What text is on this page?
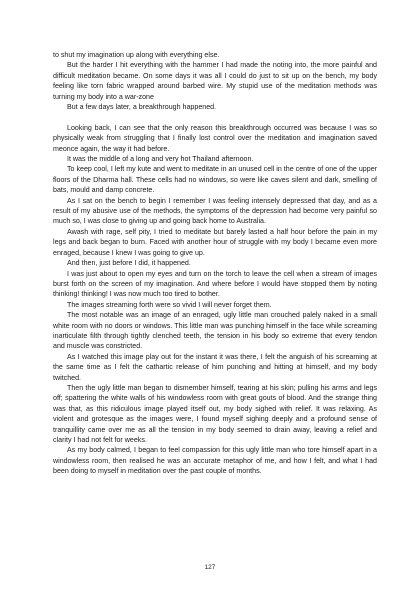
to shut my imagination up along with everything else.

But the harder I hit everything with the hammer I had made the noting into, the more painful and difficult meditation became. On some days it was all I could do just to sit up on the bench, my body feeling like torn fabric wrapped around barbed wire. My stupid use of the meditation methods was turning my body into a war-zone

But a few days later, a breakthrough happened.

Looking back, I can see that the only reason this breakthrough occurred was because I was so physically weak from struggling that I finally lost control over the meditation and imagination saved meonce again, the way it had before.

It was the middle of a long and very hot Thailand afternoon.

To keep cool, I left my kute and went to meditate in an unused cell in the centre of one of the upper floors of the Dharma hall. These cells had no windows, so were like caves silent and dark, smelling of bats, mould and damp concrete.

As I sat on the bench to begin I remember I was feeling intensely depressed that day, and as a result of my abusive use of the methods, the symptoms of the depression had become very painful so much so, I was close to giving up and going back home to Australia.

Awash with rage, self pity, I tried to meditate but barely lasted a half hour before the pain in my legs and back began to burn. Faced with another hour of struggle with my body I became even more enraged, because I knew I was going to give up.

And then, just before I did, it happened.

I was just about to open my eyes and turn on the torch to leave the cell when a stream of images burst forth on the screen of my imagination. And where before I would have stopped them by noting thinking! thinking! I was now much too tired to bother.

The images streaming forth were so vivid I will never forget them.

The most notable was an image of an enraged, ugly little man crouched palely naked in a small white room with no doors or windows. This little man was punching himself in the face while screaming inarticulate filth through tightly clenched teeth, the tension in his body so extreme that every tendon and muscle was constricted.

As I watched this image play out for the instant it was there, I felt the anguish of his screaming at the same time as I felt the cathartic release of him punching and hitting at himself, and my body twitched.

Then the ugly little man began to dismember himself, tearing at his skin; pulling his arms and legs off; spattering the white walls of his windowless room with great gouts of blood. And the strange thing was that, as this ridiculous image played itself out, my body sighed with relief. It was relaxing. As violent and grotesque as the images were, I found myself sighing deeply and a profound sense of tranquillity came over me as all the tension in my body seemed to drain away, leaving a relief and clarity I had not felt for weeks.

As my body calmed, I began to feel compassion for this ugly little man who tore himself apart in a windowless room, then realised he was an accurate metaphor of me, and how I felt, and what I had been doing to myself in meditation over the past couple of months.

127
